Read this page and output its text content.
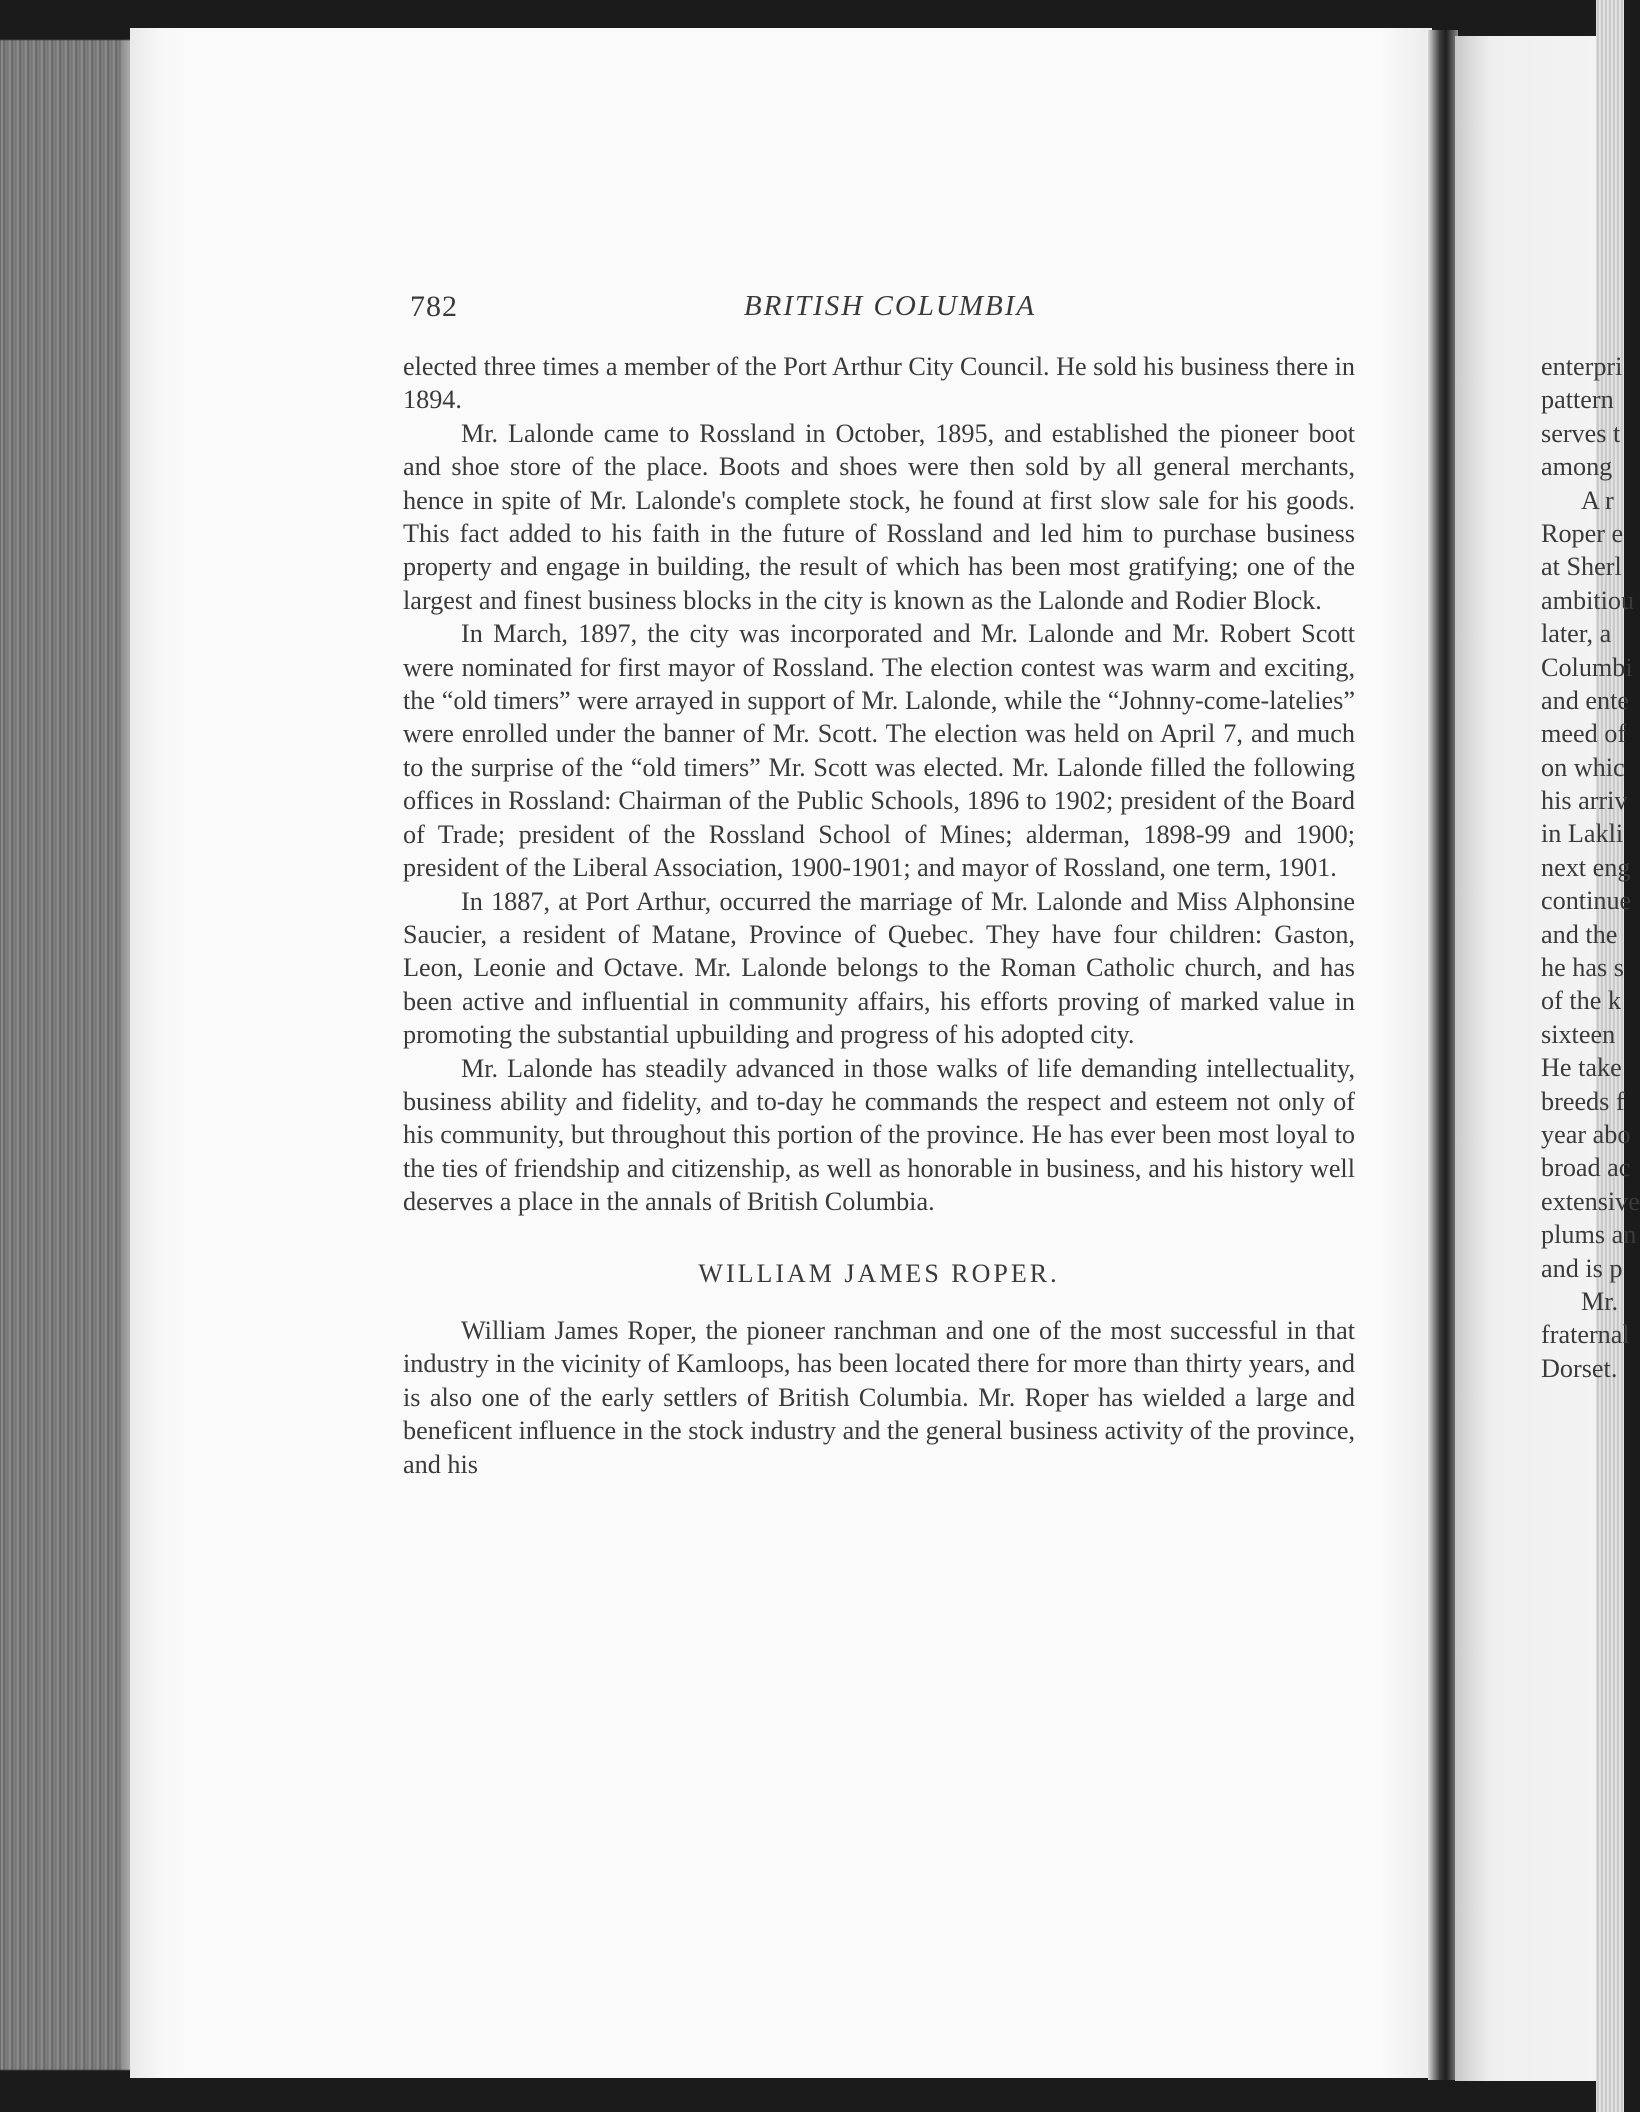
782	BRITISH COLUMBIA

elected three times a member of the Port Arthur City Council. He sold his business there in 1894.

Mr. Lalonde came to Rossland in October, 1895, and established the pioneer boot and shoe store of the place. Boots and shoes were then sold by all general merchants, hence in spite of Mr. Lalonde's complete stock, he found at first slow sale for his goods. This fact added to his faith in the future of Rossland and led him to purchase business property and engage in building, the result of which has been most gratifying; one of the largest and finest business blocks in the city is known as the Lalonde and Rodier Block.

In March, 1897, the city was incorporated and Mr. Lalonde and Mr. Robert Scott were nominated for first mayor of Rossland. The election contest was warm and exciting, the “old timers” were arrayed in support of Mr. Lalonde, while the “Johnny-come-latelies” were enrolled under the banner of Mr. Scott. The election was held on April 7, and much to the surprise of the “old timers” Mr. Scott was elected. Mr. Lalonde filled the following offices in Rossland: Chairman of the Public Schools, 1896 to 1902; president of the Board of Trade; president of the Rossland School of Mines; alderman, 1898-99 and 1900; president of the Liberal Association, 1900-1901; and mayor of Rossland, one term, 1901.

In 1887, at Port Arthur, occurred the marriage of Mr. Lalonde and Miss Alphonsine Saucier, a resident of Matane, Province of Quebec. They have four children: Gaston, Leon, Leonie and Octave. Mr. Lalonde belongs to the Roman Catholic church, and has been active and influential in community affairs, his efforts proving of marked value in promoting the substantial upbuilding and progress of his adopted city.

Mr. Lalonde has steadily advanced in those walks of life demanding intellectuality, business ability and fidelity, and to-day he commands the respect and esteem not only of his community, but throughout this portion of the province. He has ever been most loyal to the ties of friendship and citizenship, as well as honorable in business, and his history well deserves a place in the annals of British Columbia.

WILLIAM JAMES ROPER.

William James Roper, the pioneer ranchman and one of the most successful in that industry in the vicinity of Kamloops, has been located there for more than thirty years, and is also one of the early settlers of British Columbia. Mr. Roper has wielded a large and beneficent influence in the stock industry and the general business activity of the province, and his

enterpri
pattern
serves t
among
A r
Roper e
at Sherl
ambitiou
later, a
Columbi
and ente
meed of
on whic
his arriv
in Lakli
next eng
continue
and the
he has s
of the k
sixteen
He take
breeds f
year abo
broad ac
extensive
plums an
and is p
Mr.
fraternal
Dorset.
